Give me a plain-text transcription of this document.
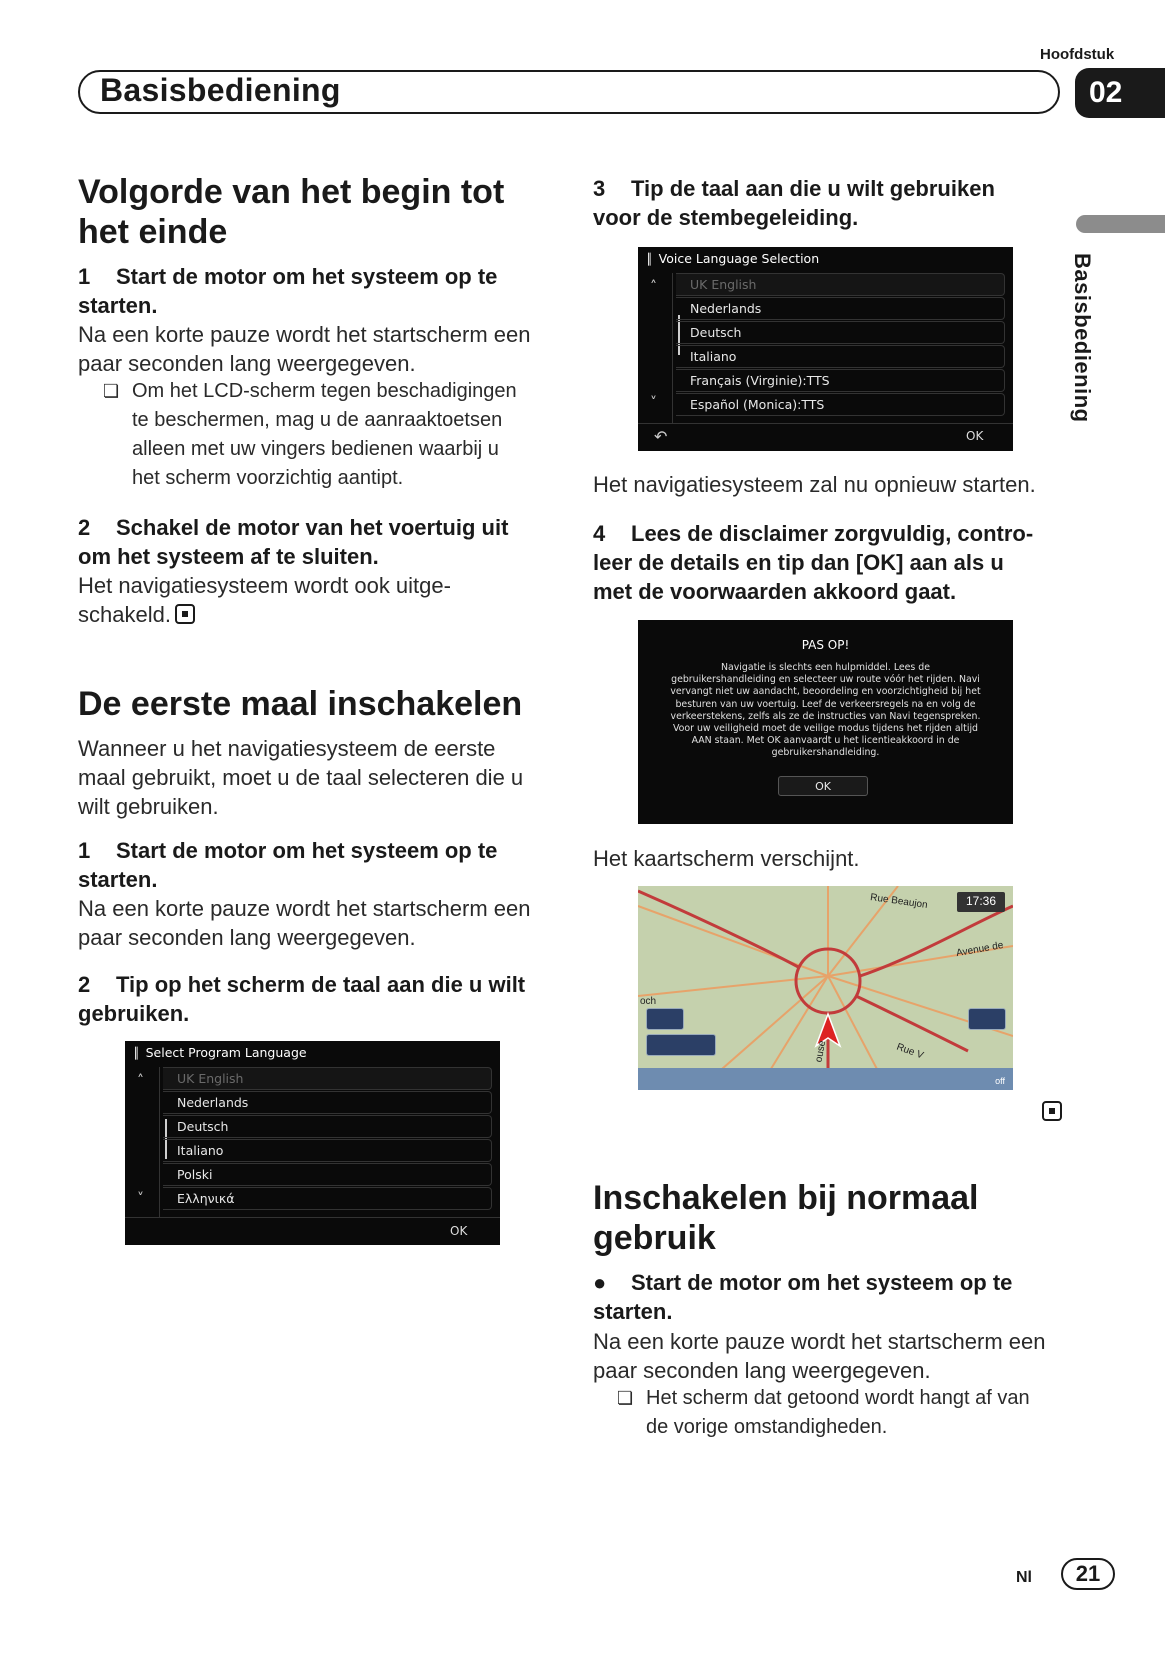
Hoofdstuk
Basisbediening	02
Basisbediening
Volgorde van het begin tot
het einde
1 Start de motor om het systeem op te
starten.
Na een korte pauze wordt het startscherm een
paar seconden lang weergegeven.
❏ Om het LCD-scherm tegen beschadigingen
te beschermen, mag u de aanraaktoetsen
alleen met uw vingers bedienen waarbij u
het scherm voorzichtig aantipt.
2 Schakel de motor van het voertuig uit
om het systeem af te sluiten.
Het navigatiesysteem wordt ook uitge-
schakeld.
De eerste maal inschakelen
Wanneer u het navigatiesysteem de eerste
maal gebruikt, moet u de taal selecteren die u
wilt gebruiken.
1 Start de motor om het systeem op te
starten.
Na een korte pauze wordt het startscherm een
paar seconden lang weergegeven.
2 Tip op het scherm de taal aan die u wilt
gebruiken.
║ Select Program Language
˄
˅
UK English
Nederlands
Deutsch
Italiano
Polski
Ελληνικά
OK
3 Tip de taal aan die u wilt gebruiken
voor de stembegeleiding.
║ Voice Language Selection
˄
˅
UK English
Nederlands
Deutsch
Italiano
Français (Virginie):TTS
Español (Monica):TTS
↶	OK
Het navigatiesysteem zal nu opnieuw starten.
4 Lees de disclaimer zorgvuldig, contro-
leer de details en tip dan [OK] aan als u
met de voorwaarden akkoord gaat.
PAS OP!
Navigatie is slechts een hulpmiddel. Lees de
gebruikershandleiding en selecteer uw route vóór het rijden. Navi
vervangt niet uw aandacht, beoordeling en voorzichtigheid bij het
besturen van uw voertuig. Leef de verkeersregels na en volg de
verkeerstekens, zelfs als ze de instructies van Navi tegenspreken.
Voor uw veiligheid moet de veilige modus tijdens het rijden altijd
AAN staan. Met OK aanvaardt u het licentieakkoord in de
gebruikershandleiding.
OK
Het kaartscherm verschijnt.
17:36
Rue Beaujon
Avenue de
Rue V
och
ouse
off
Inschakelen bij normaal
gebruik
● Start de motor om het systeem op te
starten.
Na een korte pauze wordt het startscherm een
paar seconden lang weergegeven.
❏ Het scherm dat getoond wordt hangt af van
de vorige omstandigheden.
Nl	21
